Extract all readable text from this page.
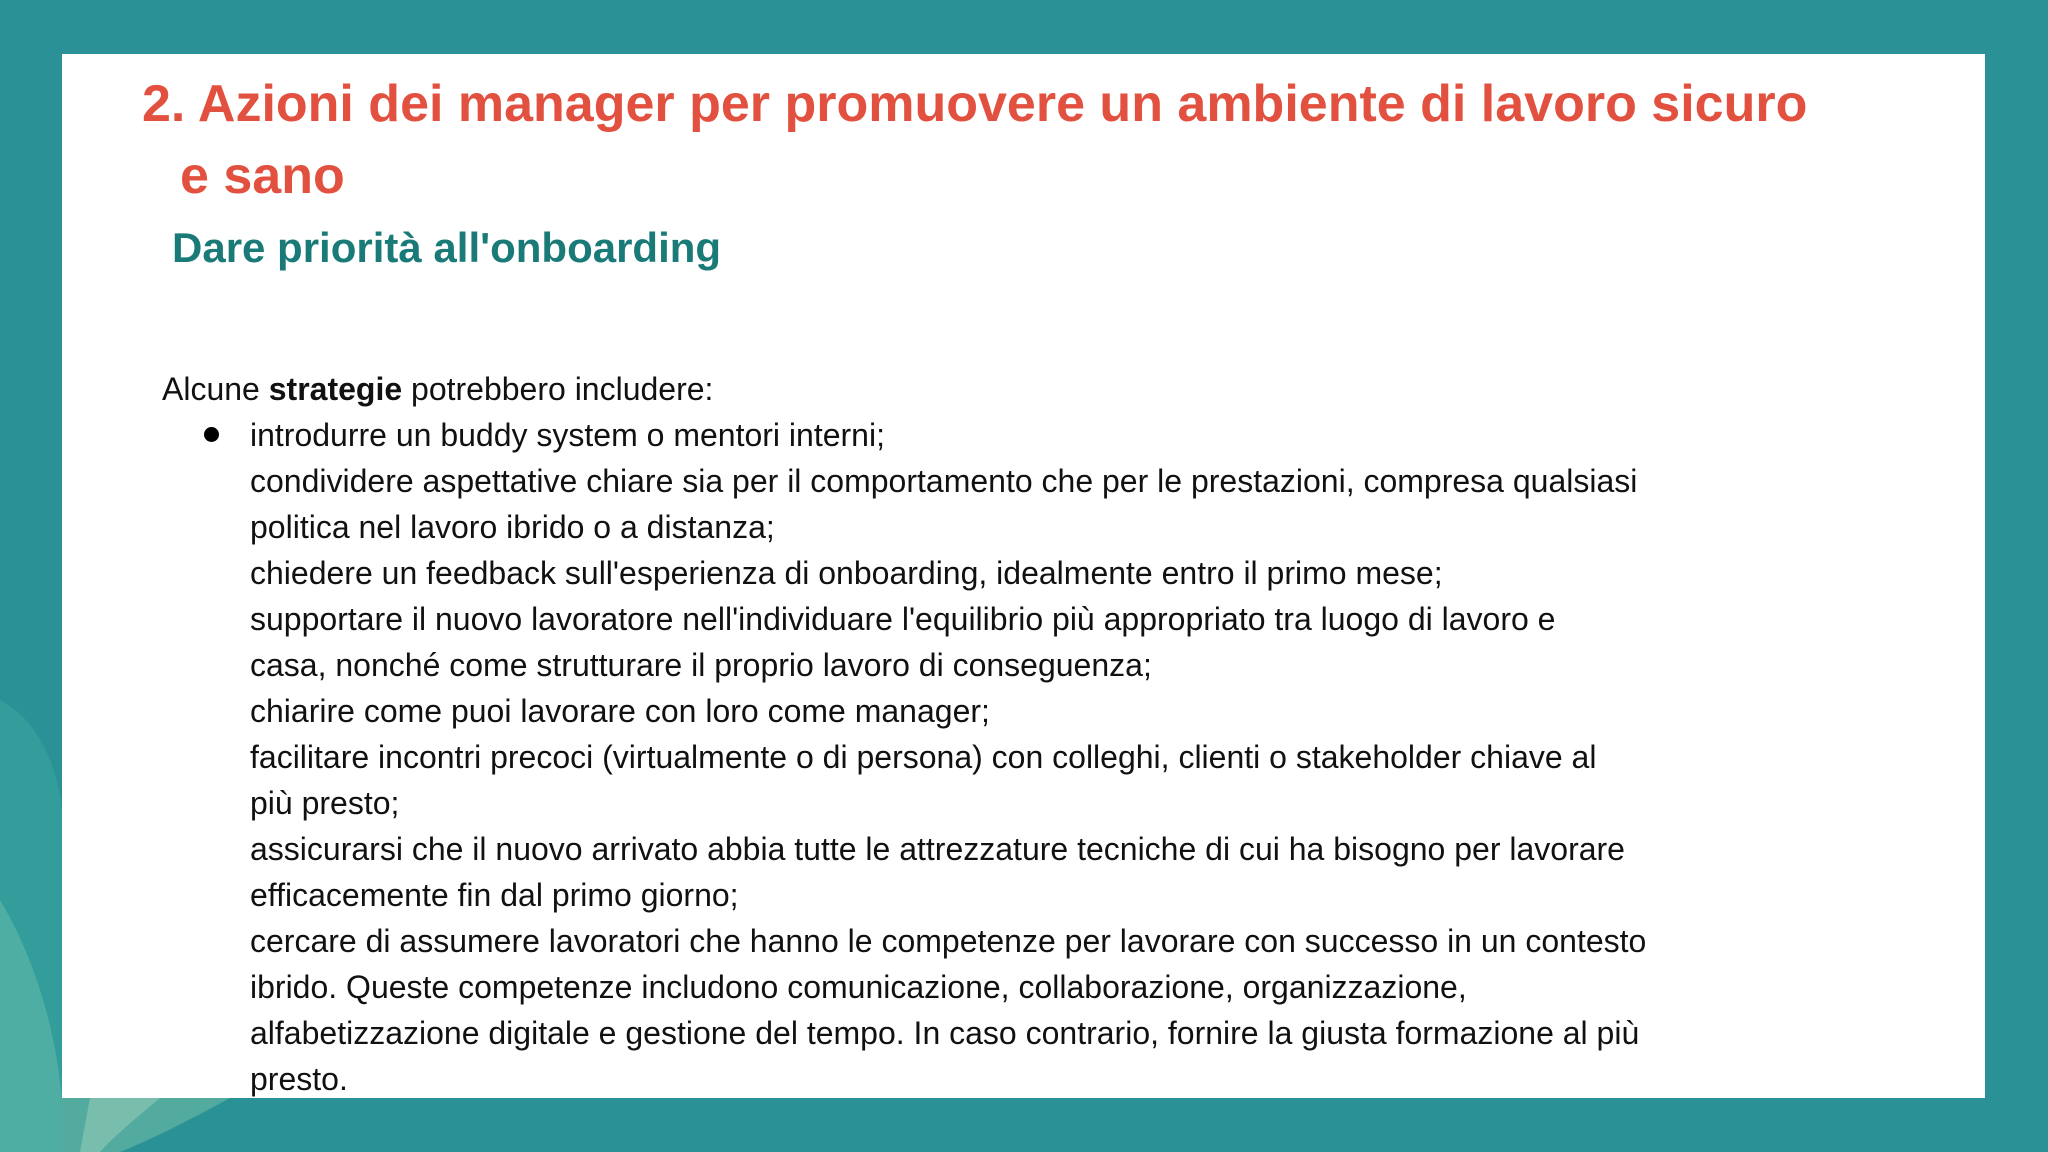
2. Azioni dei manager per promuovere un ambiente di lavoro sicuro
e sano
Dare priorità all'onboarding

Alcune strategie potrebbero includere:

introdurre un buddy system o mentori interni;
condividere aspettative chiare sia per il comportamento che per le prestazioni, compresa qualsiasi
politica nel lavoro ibrido o a distanza;
chiedere un feedback sull'esperienza di onboarding, idealmente entro il primo mese;
supportare il nuovo lavoratore nell'individuare l'equilibrio più appropriato tra luogo di lavoro e
casa, nonché come strutturare il proprio lavoro di conseguenza;
chiarire come puoi lavorare con loro come manager;
facilitare incontri precoci (virtualmente o di persona) con colleghi, clienti o stakeholder chiave al
più presto;
assicurarsi che il nuovo arrivato abbia tutte le attrezzature tecniche di cui ha bisogno per lavorare
efficacemente fin dal primo giorno;
cercare di assumere lavoratori che hanno le competenze per lavorare con successo in un contesto
ibrido. Queste competenze includono comunicazione, collaborazione, organizzazione,
alfabetizzazione digitale e gestione del tempo. In caso contrario, fornire la giusta formazione al più
presto.
